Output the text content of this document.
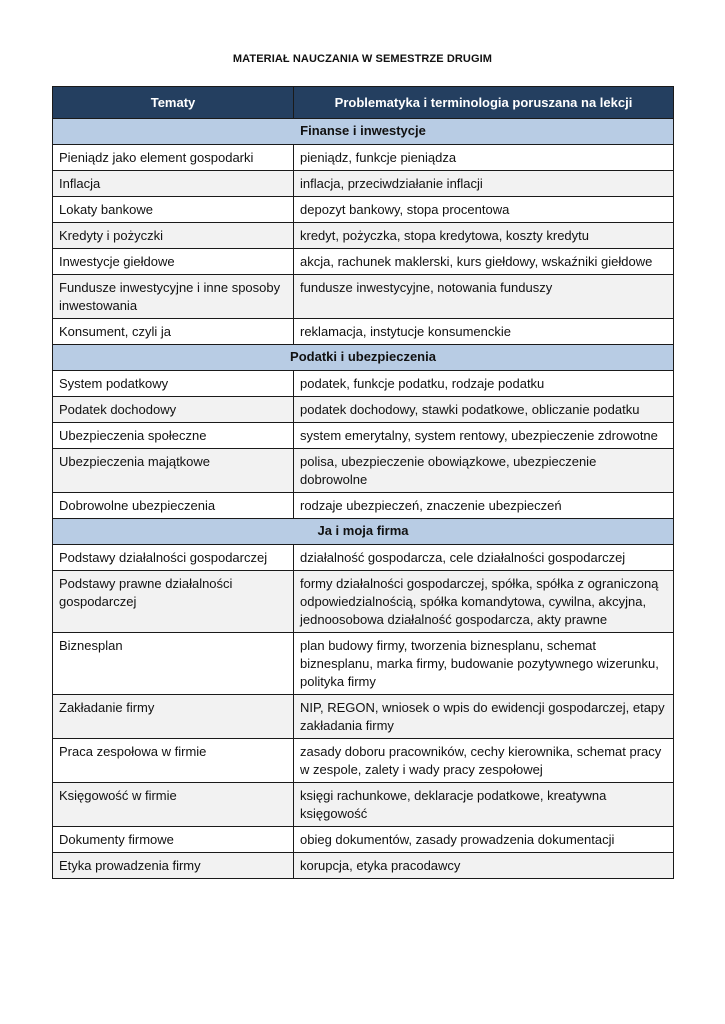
MATERIAŁ NAUCZANIA W SEMESTRZE DRUGIM
Tematy	Problematyka i terminologia poruszana na lekcji
Finanse i inwestycje	
Pieniądz jako element gospodarki	pieniądz, funkcje pieniądza
Inflacja	inflacja, przeciwdziałanie inflacji
Lokaty bankowe	depozyt bankowy, stopa procentowa
Kredyty i pożyczki	kredyt, pożyczka, stopa kredytowa, koszty kredytu
Inwestycje giełdowe	akcja, rachunek maklerski, kurs giełdowy, wskaźniki giełdowe
Fundusze inwestycyjne i inne sposoby inwestowania	fundusze inwestycyjne, notowania funduszy
Konsument, czyli ja	reklamacja, instytucje konsumenckie
Podatki i ubezpieczenia	
System podatkowy	podatek, funkcje podatku, rodzaje podatku
Podatek dochodowy	podatek dochodowy, stawki podatkowe, obliczanie podatku
Ubezpieczenia społeczne	system emerytalny, system rentowy, ubezpieczenie zdrowotne
Ubezpieczenia majątkowe	polisa, ubezpieczenie obowiązkowe, ubezpieczenie dobrowolne
Dobrowolne ubezpieczenia	rodzaje ubezpieczeń, znaczenie ubezpieczeń
Ja i moja firma	
Podstawy działalności gospodarczej	działalność gospodarcza, cele działalności gospodarczej
Podstawy prawne działalności gospodarczej	formy działalności gospodarczej, spółka, spółka z ograniczoną odpowiedzialnością, spółka komandytowa, cywilna, akcyjna, jednoosobowa działalność gospodarcza, akty prawne
Biznesplan	plan budowy firmy, tworzenia biznesplanu, schemat biznesplanu, marka firmy, budowanie pozytywnego wizerunku, polityka firmy
Zakładanie firmy	NIP, REGON, wniosek o wpis do ewidencji gospodarczej, etapy zakładania firmy
Praca zespołowa w firmie	zasady doboru pracowników, cechy kierownika, schemat pracy w zespole, zalety i wady pracy zespołowej
Księgowość w firmie	księgi rachunkowe, deklaracje podatkowe, kreatywna księgowość
Dokumenty firmowe	obieg dokumentów, zasady prowadzenia dokumentacji
Etyka prowadzenia firmy	korupcja, etyka pracodawcy
